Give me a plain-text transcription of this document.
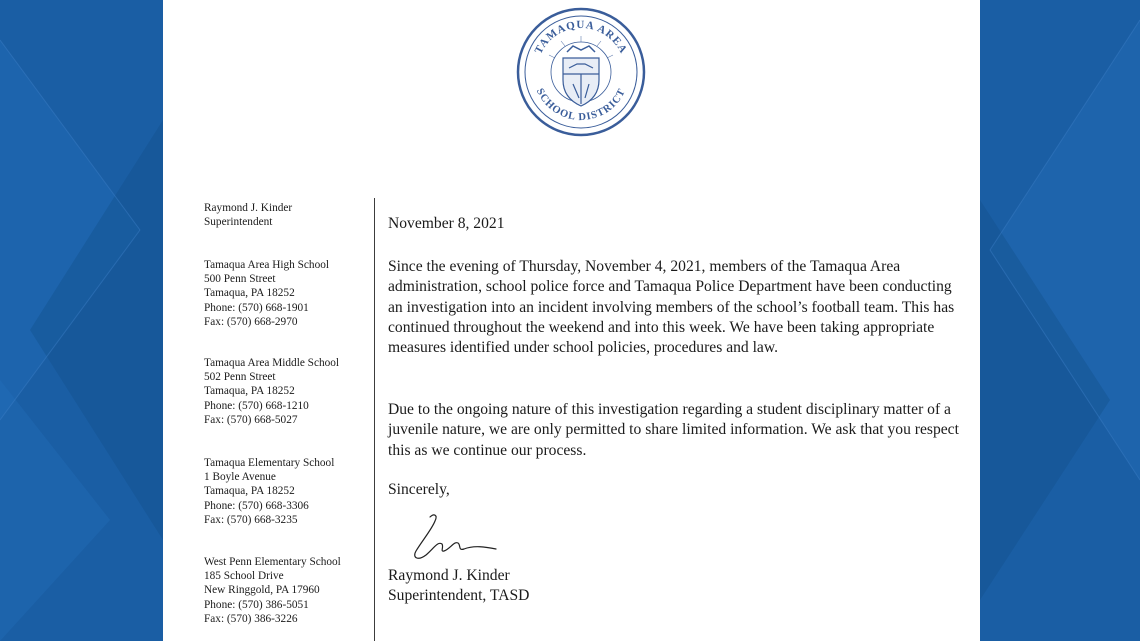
TAMAQUA AREA
SCHOOL DISTRICT
Raymond J. Kinder
Superintendent
Tamaqua Area High School
500 Penn Street
Tamaqua, PA 18252
Phone: (570) 668-1901
Fax: (570) 668-2970
Tamaqua Area Middle School
502 Penn Street
Tamaqua, PA 18252
Phone: (570) 668-1210
Fax: (570) 668-5027
Tamaqua Elementary School
1 Boyle Avenue
Tamaqua, PA 18252
Phone: (570) 668-3306
Fax: (570) 668-3235
West Penn Elementary School
185 School Drive
New Ringgold, PA 17960
Phone: (570) 386-5051
Fax: (570) 386-3226
November 8, 2021
Since the evening of Thursday, November 4, 2021, members of the Tamaqua Area administration, school police force and Tamaqua Police Department have been conducting an investigation into an incident involving members of the school’s football team. This has continued throughout the weekend and into this week. We have been taking appropriate measures identified under school policies, procedures and law.
Due to the ongoing nature of this investigation regarding a student disciplinary matter of a juvenile nature, we are only permitted to share limited information. We ask that you respect this as we continue our process.
Sincerely,
Raymond J. Kinder
Superintendent, TASD
